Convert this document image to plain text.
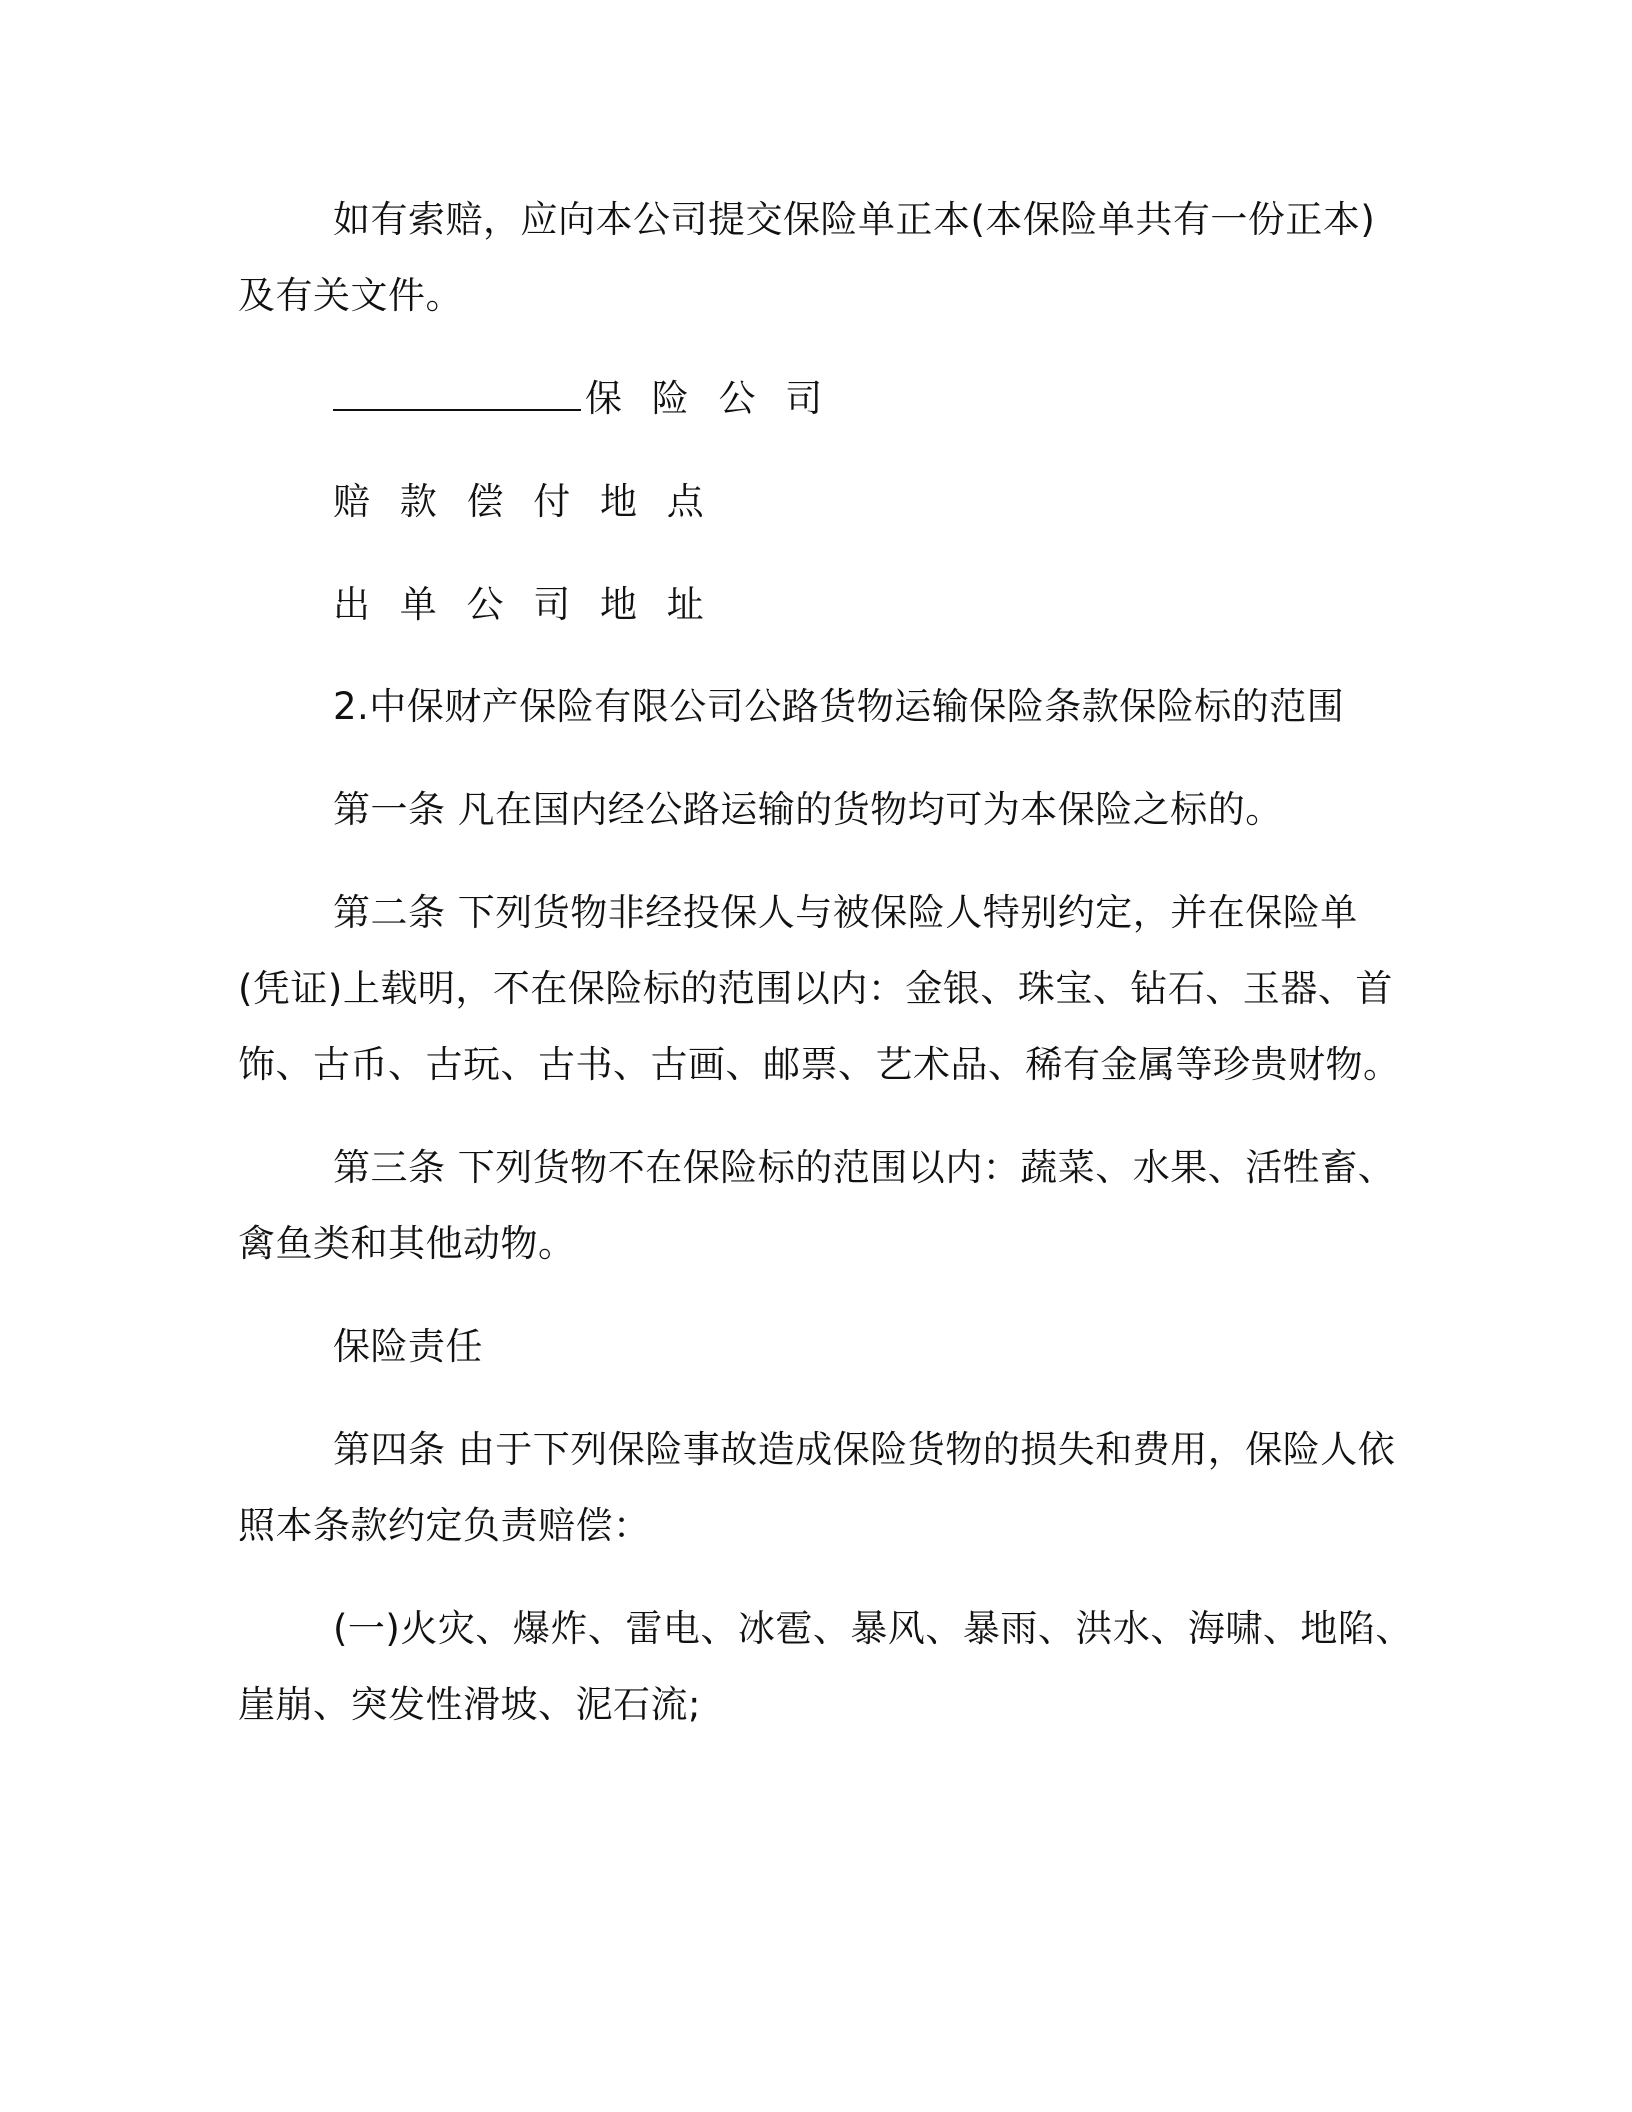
如有索赔，应向本公司提交保险单正本(本保险单共有一份正本)
及有关文件。
保 险 公 司
赔 款 偿 付 地 点
出 单 公 司 地 址
2.中保财产保险有限公司公路货物运输保险条款保险标的范围
第一条 凡在国内经公路运输的货物均可为本保险之标的。
第二条 下列货物非经投保人与被保险人特别约定，并在保险单
(凭证)上载明，不在保险标的范围以内：金银、珠宝、钻石、玉器、首
饰、古币、古玩、古书、古画、邮票、艺术品、稀有金属等珍贵财物。
第三条 下列货物不在保险标的范围以内：蔬菜、水果、活牲畜、
禽鱼类和其他动物。
保险责任
第四条 由于下列保险事故造成保险货物的损失和费用，保险人依
照本条款约定负责赔偿：
(一)火灾、爆炸、雷电、冰雹、暴风、暴雨、洪水、海啸、地陷、
崖崩、突发性滑坡、泥石流;
